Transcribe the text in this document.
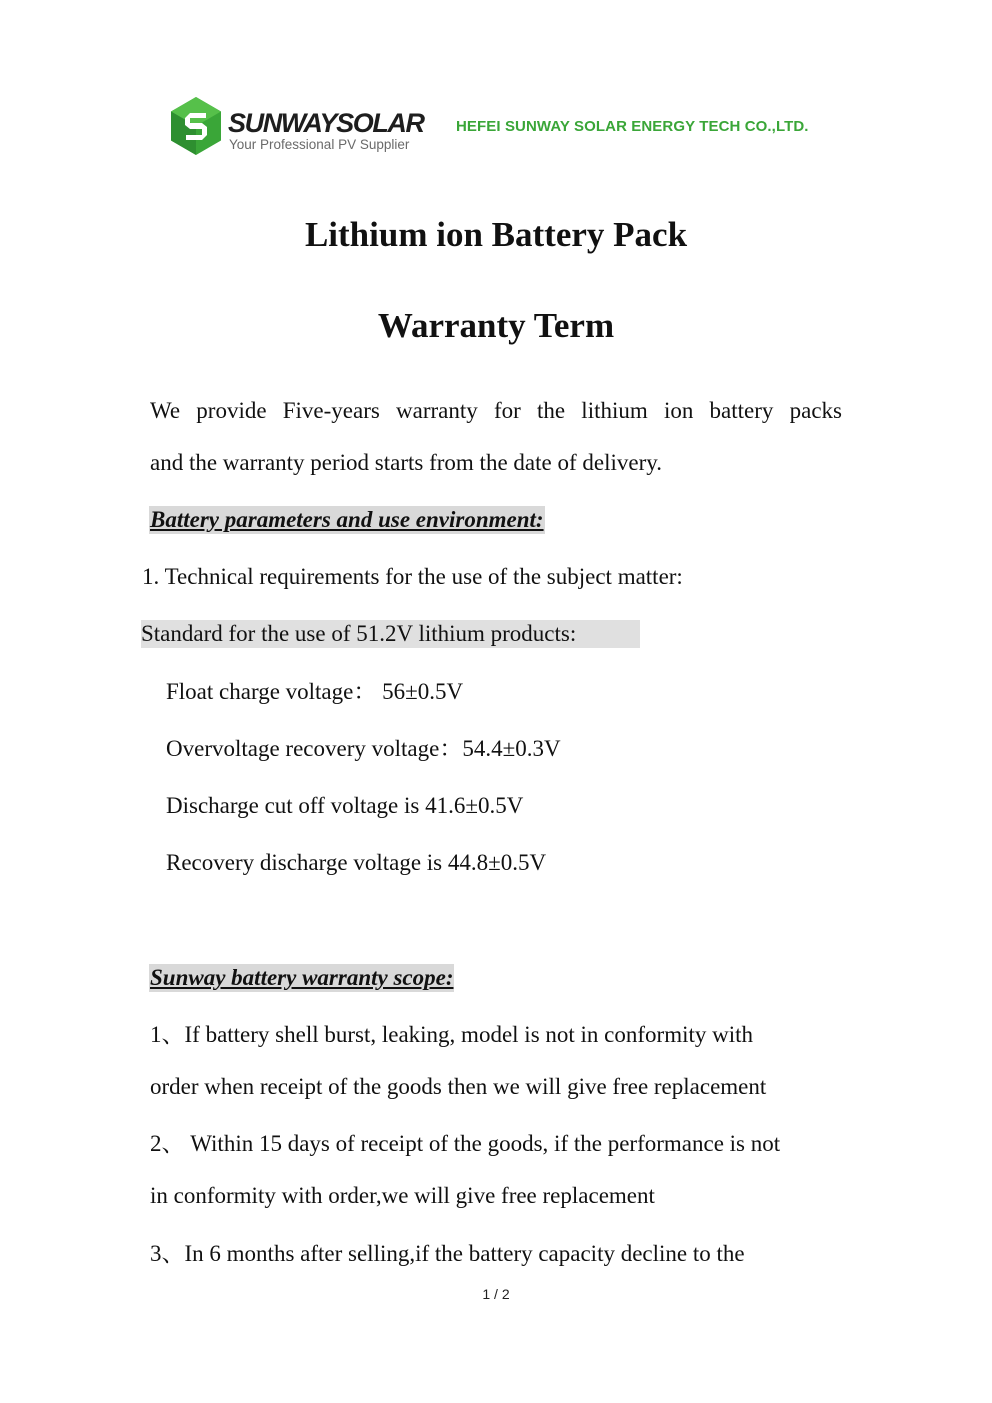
SUNWAYSOLAR
Your Professional PV Supplier
HEFEI SUNWAY SOLAR ENERGY TECH CO.,LTD.
Lithium ion Battery Pack
Warranty Term
We provide Five-years warranty for the lithium ion battery packs
and the warranty period starts from the date of delivery.
Battery parameters and use environment:
1. Technical requirements for the use of the subject matter:
Standard for the use of 51.2V lithium products:
Float charge voltage： 56±0.5V
Overvoltage recovery voltage：54.4±0.3V
Discharge cut off voltage is 41.6±0.5V
Recovery discharge voltage is 44.8±0.5V
Sunway battery warranty scope:
1、If battery shell burst, leaking, model is not in conformity with
order when receipt of the goods then we will give free replacement
2、 Within 15 days of receipt of the goods, if the performance is not
in conformity with order,we will give free replacement
3、In 6 months after selling,if the battery capacity decline to the
1 / 2
